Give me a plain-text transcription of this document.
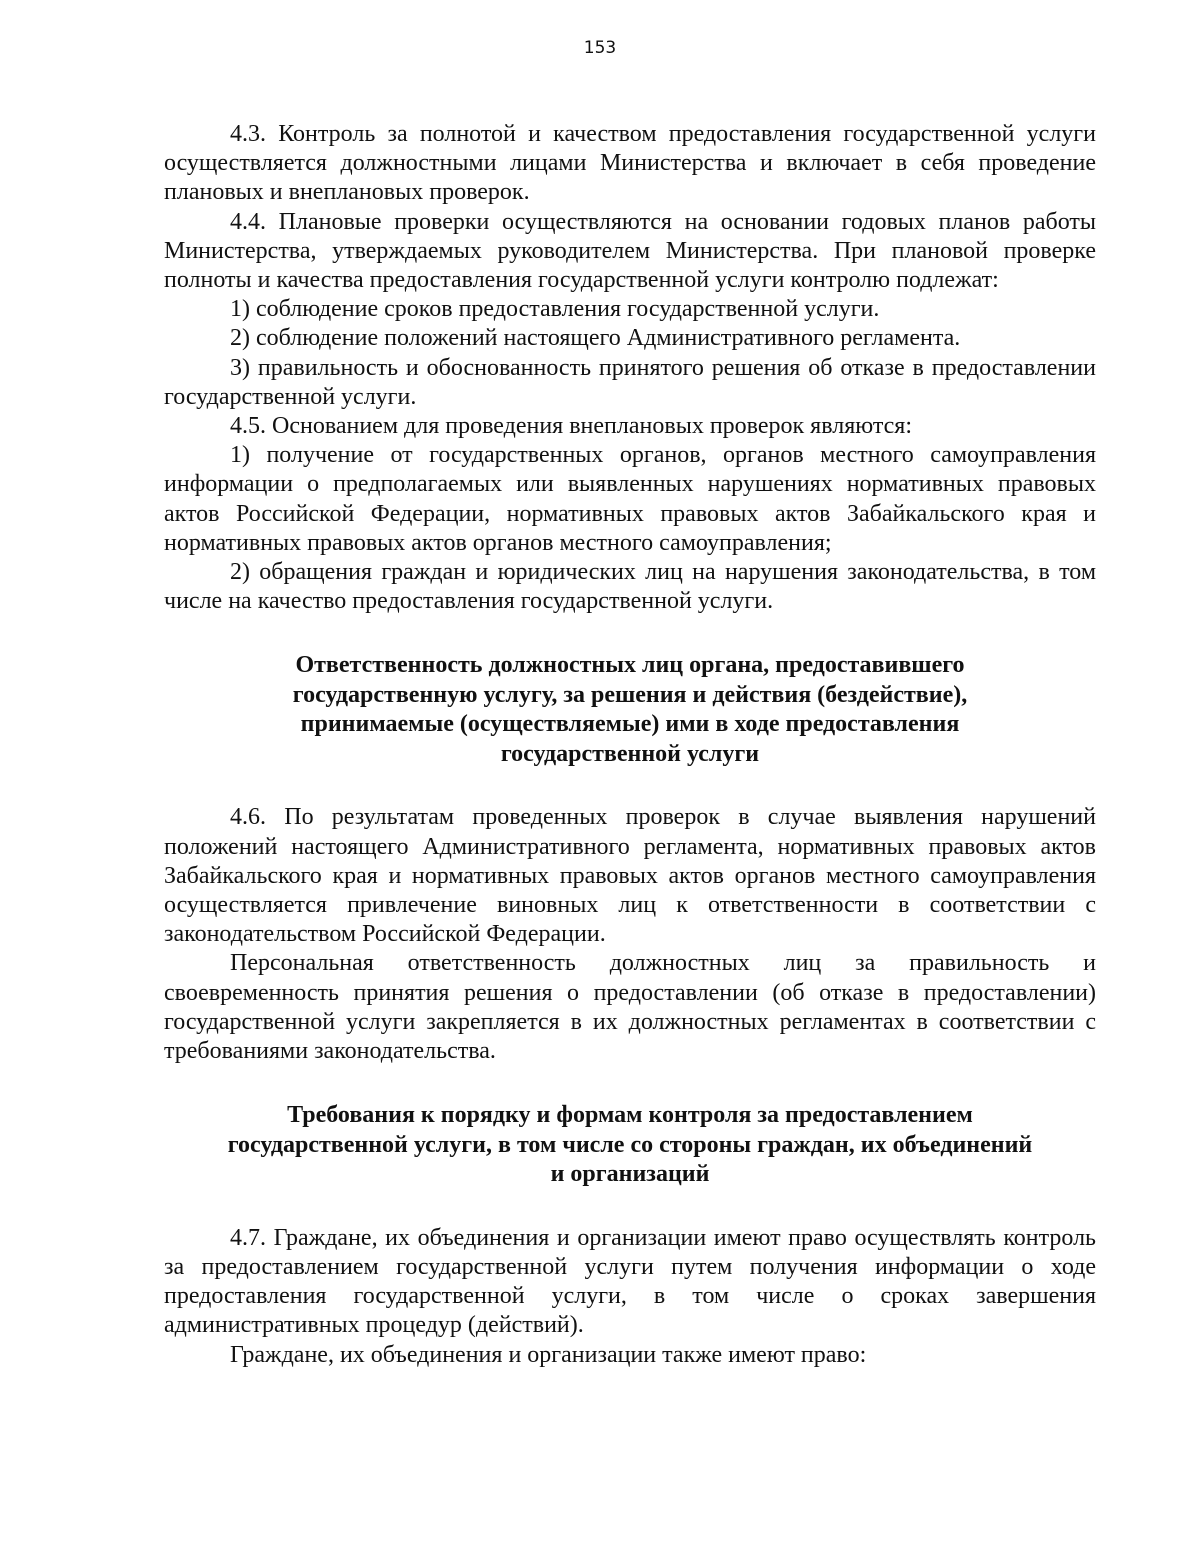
153

4.3. Контроль за полнотой и качеством предоставления государственной услуги осуществляется должностными лицами Министерства и включает в себя проведение плановых и внеплановых проверок.

4.4. Плановые проверки осуществляются на основании годовых планов работы Министерства, утверждаемых руководителем Министерства. При плановой проверке полноты и качества предоставления государственной услуги контролю подлежат:

1) соблюдение сроков предоставления государственной услуги.

2) соблюдение положений настоящего Административного регламента.

3) правильность и обоснованность принятого решения об отказе в предоставлении государственной услуги.

4.5. Основанием для проведения внеплановых проверок являются:

1) получение от государственных органов, органов местного самоуправления информации о предполагаемых или выявленных нарушениях нормативных правовых актов Российской Федерации, нормативных правовых актов Забайкальского края и нормативных правовых актов органов местного самоуправления;

2) обращения граждан и юридических лиц на нарушения законодательства, в том числе на качество предоставления государственной услуги.

Ответственность должностных лиц органа, предоставившего государственную услугу, за решения и действия (бездействие), принимаемые (осуществляемые) ими в ходе предоставления государственной услуги

4.6. По результатам проведенных проверок в случае выявления нарушений положений настоящего Административного регламента, нормативных правовых актов Забайкальского края и нормативных правовых актов органов местного самоуправления осуществляется привлечение виновных лиц к ответственности в соответствии с законодательством Российской Федерации.

Персональная ответственность должностных лиц за правильность и своевременность принятия решения о предоставлении (об отказе в предоставлении) государственной услуги закрепляется в их должностных регламентах в соответствии с требованиями законодательства.

Требования к порядку и формам контроля за предоставлением государственной услуги, в том числе со стороны граждан, их объединений и организаций

4.7. Граждане, их объединения и организации имеют право осуществлять контроль за предоставлением государственной услуги путем получения информации о ходе предоставления государственной услуги, в том числе о сроках завершения административных процедур (действий).

Граждане, их объединения и организации также имеют право:
